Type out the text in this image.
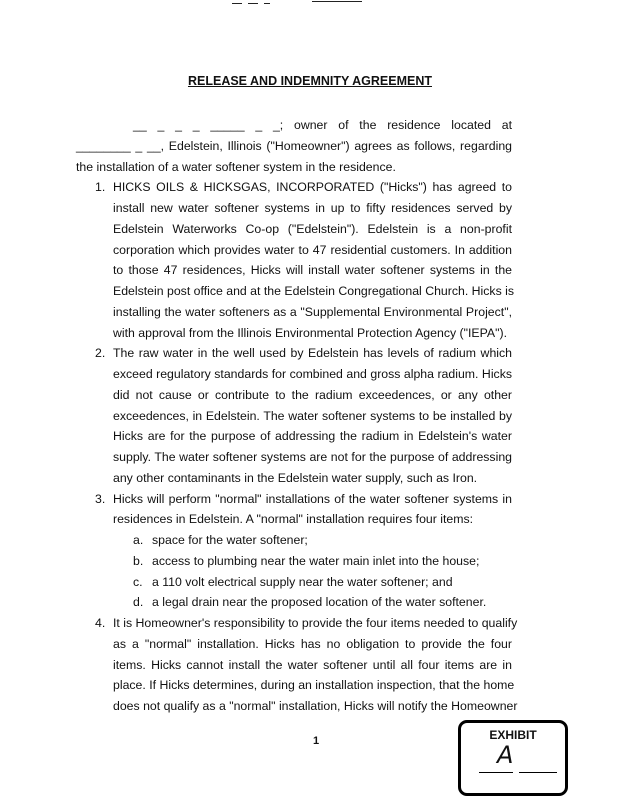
RELEASE AND INDEMNITY AGREEMENT
__ _ _ _ _____ _ _; owner of the residence located at
________ _ __, Edelstein, Illinois ("Homeowner") agrees as follows, regarding
the installation of a water softener system in the residence.
1. HICKS OILS & HICKSGAS, INCORPORATED ("Hicks") has agreed to
install new water softener systems in up to fifty residences served by
Edelstein Waterworks Co-op ("Edelstein"). Edelstein is a non-profit
corporation which provides water to 47 residential customers. In addition
to those 47 residences, Hicks will install water softener systems in the
Edelstein post office and at the Edelstein Congregational Church. Hicks is
installing the water softeners as a "Supplemental Environmental Project",
with approval from the Illinois Environmental Protection Agency ("IEPA").
2. The raw water in the well used by Edelstein has levels of radium which
exceed regulatory standards for combined and gross alpha radium. Hicks
did not cause or contribute to the radium exceedences, or any other
exceedences, in Edelstein. The water softener systems to be installed by
Hicks are for the purpose of addressing the radium in Edelstein's water
supply. The water softener systems are not for the purpose of addressing
any other contaminants in the Edelstein water supply, such as Iron.
3. Hicks will perform "normal" installations of the water softener systems in
residences in Edelstein. A "normal" installation requires four items:
a. space for the water softener;
b. access to plumbing near the water main inlet into the house;
c. a 110 volt electrical supply near the water softener; and
d. a legal drain near the proposed location of the water softener.
4. It is Homeowner's responsibility to provide the four items needed to qualify
as a "normal" installation. Hicks has no obligation to provide the four
items. Hicks cannot install the water softener until all four items are in
place. If Hicks determines, during an installation inspection, that the home
does not qualify as a "normal" installation, Hicks will notify the Homeowner
1	EXHIBIT
A
